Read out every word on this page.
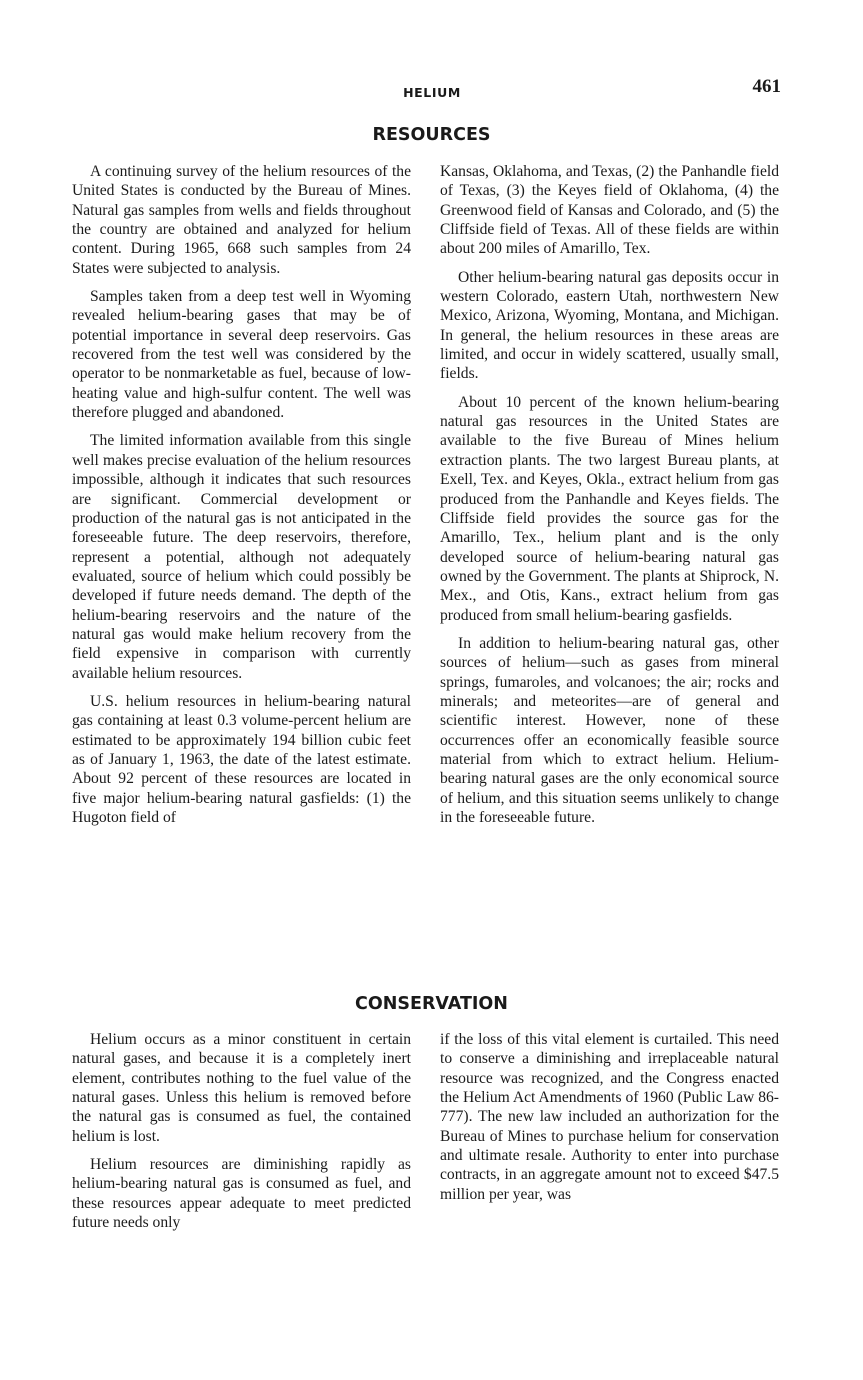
HELIUM	461
RESOURCES

A continuing survey of the helium resources of the United States is conducted by the Bureau of Mines. Natural gas samples from wells and fields throughout the country are obtained and analyzed for helium content. During 1965, 668 such samples from 24 States were subjected to analysis.

Samples taken from a deep test well in Wyoming revealed helium-bearing gases that may be of potential importance in several deep reservoirs. Gas recovered from the test well was considered by the operator to be nonmarketable as fuel, because of low-heating value and high-sulfur content. The well was therefore plugged and abandoned.

The limited information available from this single well makes precise evaluation of the helium resources impossible, although it indicates that such resources are significant. Commercial development or production of the natural gas is not anticipated in the foreseeable future. The deep reservoirs, therefore, represent a potential, although not adequately evaluated, source of helium which could possibly be developed if future needs demand. The depth of the helium-bearing reservoirs and the nature of the natural gas would make helium recovery from the field expensive in comparison with currently available helium resources.

U.S. helium resources in helium-bearing natural gas containing at least 0.3 volume-percent helium are estimated to be approximately 194 billion cubic feet as of January 1, 1963, the date of the latest estimate. About 92 percent of these resources are located in five major helium-bearing natural gasfields: (1) the Hugoton field of

Kansas, Oklahoma, and Texas, (2) the Panhandle field of Texas, (3) the Keyes field of Oklahoma, (4) the Greenwood field of Kansas and Colorado, and (5) the Cliffside field of Texas. All of these fields are within about 200 miles of Amarillo, Tex.

Other helium-bearing natural gas deposits occur in western Colorado, eastern Utah, northwestern New Mexico, Arizona, Wyoming, Montana, and Michigan. In general, the helium resources in these areas are limited, and occur in widely scattered, usually small, fields.

About 10 percent of the known helium-bearing natural gas resources in the United States are available to the five Bureau of Mines helium extraction plants. The two largest Bureau plants, at Exell, Tex. and Keyes, Okla., extract helium from gas produced from the Panhandle and Keyes fields. The Cliffside field provides the source gas for the Amarillo, Tex., helium plant and is the only developed source of helium-bearing natural gas owned by the Government. The plants at Shiprock, N. Mex., and Otis, Kans., extract helium from gas produced from small helium-bearing gasfields.

In addition to helium-bearing natural gas, other sources of helium—such as gases from mineral springs, fumaroles, and volcanoes; the air; rocks and minerals; and meteorites—are of general and scientific interest. However, none of these occurrences offer an economically feasible source material from which to extract helium. Helium-bearing natural gases are the only economical source of helium, and this situation seems unlikely to change in the foreseeable future.

CONSERVATION

Helium occurs as a minor constituent in certain natural gases, and because it is a completely inert element, contributes nothing to the fuel value of the natural gases. Unless this helium is removed before the natural gas is consumed as fuel, the contained helium is lost.

Helium resources are diminishing rapidly as helium-bearing natural gas is consumed as fuel, and these resources appear adequate to meet predicted future needs only

if the loss of this vital element is curtailed. This need to conserve a diminishing and irreplaceable natural resource was recognized, and the Congress enacted the Helium Act Amendments of 1960 (Public Law 86-777). The new law included an authorization for the Bureau of Mines to purchase helium for conservation and ultimate resale. Authority to enter into purchase contracts, in an aggregate amount not to exceed $47.5 million per year, was
